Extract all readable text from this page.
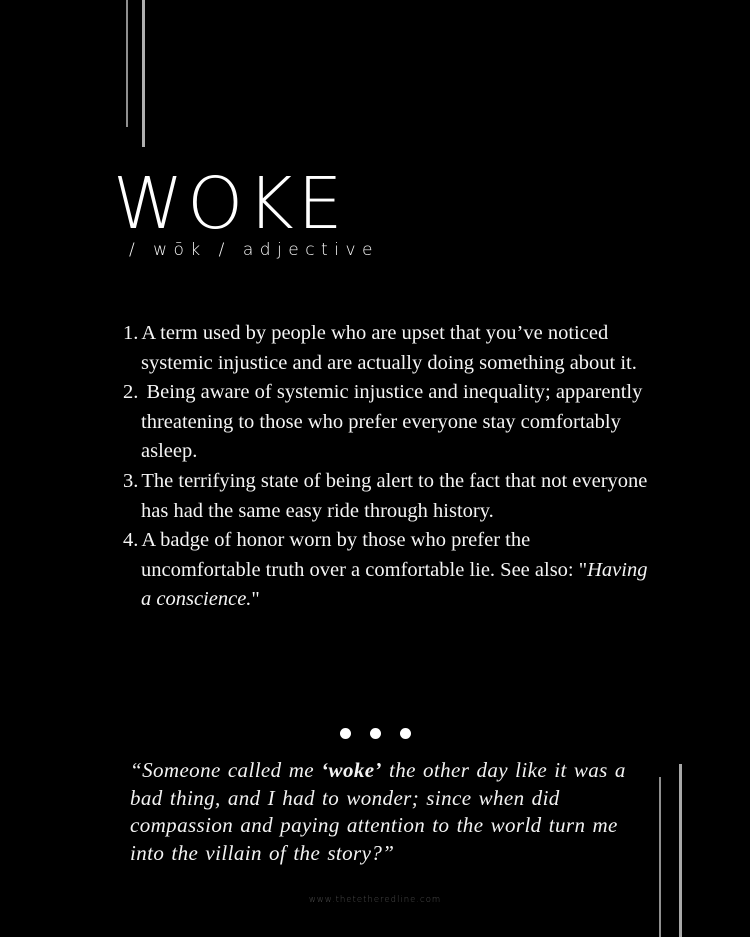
WOKE
/ wōk / adjective
1. A term used by people who are upset that you’ve noticed systemic injustice and are actually doing something about it.
2. Being aware of systemic injustice and inequality; apparently threatening to those who prefer everyone stay comfortably asleep.
3. The terrifying state of being alert to the fact that not everyone has had the same easy ride through history.
4. A badge of honor worn by those who prefer the uncomfortable truth over a comfortable lie. See also: "Having a conscience."
“Someone called me ‘woke’ the other day like it was a bad thing, and I had to wonder; since when did compassion and paying attention to the world turn me into the villain of the story?”
www.thetetheredline.com
